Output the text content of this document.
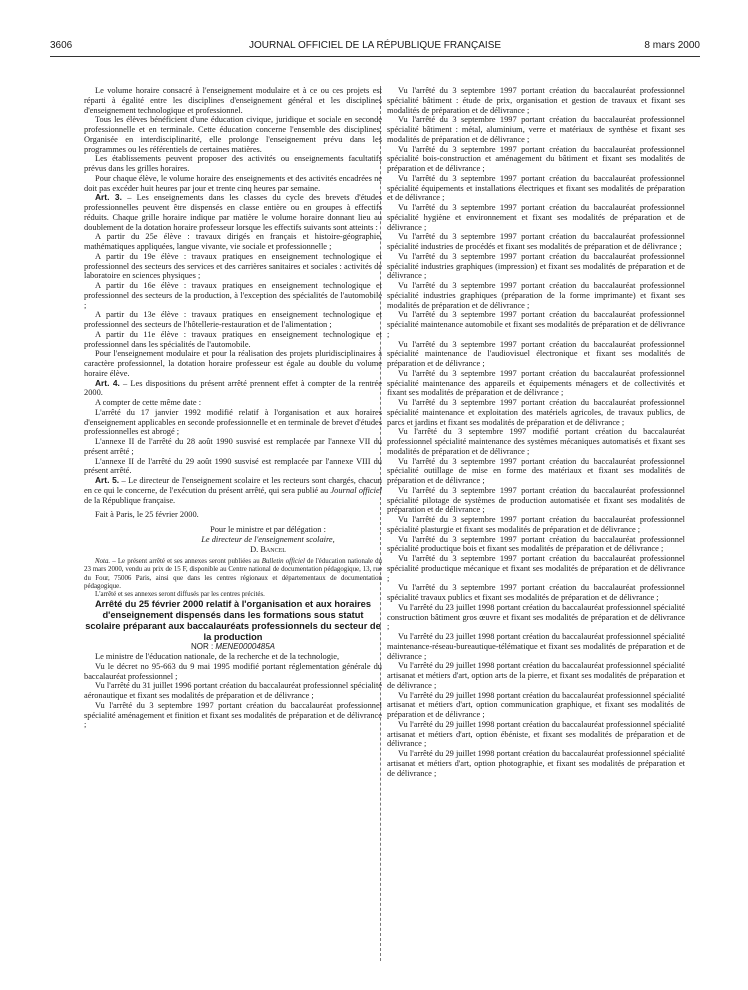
3606	JOURNAL OFFICIEL DE LA RÉPUBLIQUE FRANÇAISE	8 mars 2000

Le volume horaire consacré à l'enseignement modulaire et à ce ou ces projets est réparti à égalité entre les disciplines d'enseignement général et les disciplines d'enseignement technologique et professionnel.

Tous les élèves bénéficient d'une éducation civique, juridique et sociale en seconde professionnelle et en terminale. Cette éducation concerne l'ensemble des disciplines. Organisée en interdisciplinarité, elle prolonge l'enseignement prévu dans les programmes ou les référentiels de certaines matières.

Les établissements peuvent proposer des activités ou enseignements facultatifs prévus dans les grilles horaires.

Pour chaque élève, le volume horaire des enseignements et des activités encadrées ne doit pas excéder huit heures par jour et trente cinq heures par semaine.

Art. 3. – Les enseignements dans les classes du cycle des brevets d'études professionnelles peuvent être dispensés en classe entière ou en groupes à effectifs réduits. Chaque grille horaire indique par matière le volume horaire donnant lieu au doublement de la dotation horaire professeur lorsque les effectifs suivants sont atteints :

A partir du 25e élève : travaux dirigés en français et histoire-géographie, mathématiques appliquées, langue vivante, vie sociale et professionnelle ;

A partir du 19e élève : travaux pratiques en enseignement technologique et professionnel des secteurs des services et des carrières sanitaires et sociales : activités de laboratoire en sciences physiques ;

A partir du 16e élève : travaux pratiques en enseignement technologique et professionnel des secteurs de la production, à l'exception des spécialités de l'automobile ;

A partir du 13e élève : travaux pratiques en enseignement technologique et professionnel des secteurs de l'hôtellerie-restauration et de l'alimentation ;

A partir du 11e élève : travaux pratiques en enseignement technologique et professionnel dans les spécialités de l'automobile.

Pour l'enseignement modulaire et pour la réalisation des projets pluridisciplinaires à caractère professionnel, la dotation horaire professeur est égale au double du volume horaire élève.

Art. 4. – Les dispositions du présent arrêté prennent effet à compter de la rentrée 2000.

A compter de cette même date :

L'arrêté du 17 janvier 1992 modifié relatif à l'organisation et aux horaires d'enseignement applicables en seconde professionnelle et en terminale de brevet d'études professionnelles est abrogé ;

L'annexe II de l'arrêté du 28 août 1990 susvisé est remplacée par l'annexe VII du présent arrêté ;

L'annexe II de l'arrêté du 29 août 1990 susvisé est remplacée par l'annexe VIII du présent arrêté.

Art. 5. – Le directeur de l'enseignement scolaire et les recteurs sont chargés, chacun en ce qui le concerne, de l'exécution du présent arrêté, qui sera publié au Journal officiel de la République française.

Fait à Paris, le 25 février 2000.

Pour le ministre et par délégation :

Le directeur de l'enseignement scolaire,

D. Bancel

Nota. – Le présent arrêté et ses annexes seront publiées au Bulletin officiel de l'éducation nationale du 23 mars 2000, vendu au prix de 15 F, disponible au Centre national de documentation pédagogique, 13, rue du Four, 75006 Paris, ainsi que dans les centres régionaux et départementaux de documentation pédagogique.

L'arrêté et ses annexes seront diffusés par les centres précités.

Arrêté du 25 février 2000 relatif à l'organisation et aux horaires d'enseignement dispensés dans les formations sous statut scolaire préparant aux baccalauréats professionnels du secteur de la production

NOR : MENE0000485A

Le ministre de l'éducation nationale, de la recherche et de la technologie,

Vu le décret no 95-663 du 9 mai 1995 modifié portant réglementation générale du baccalauréat professionnel ;

Vu l'arrêté du 31 juillet 1996 portant création du baccalauréat professionnel spécialité aéronautique et fixant ses modalités de préparation et de délivrance ;

Vu l'arrêté du 3 septembre 1997 portant création du baccalauréat professionnel spécialité aménagement et finition et fixant ses modalités de préparation et de délivrance ;

Vu l'arrêté du 3 septembre 1997 portant création du baccalauréat professionnel spécialité bâtiment : étude de prix, organisation et gestion de travaux et fixant ses modalités de préparation et de délivrance ;

Vu l'arrêté du 3 septembre 1997 portant création du baccalauréat professionnel spécialité bâtiment : métal, aluminium, verre et matériaux de synthèse et fixant ses modalités de préparation et de délivrance ;

Vu l'arrêté du 3 septembre 1997 portant création du baccalauréat professionnel spécialité bois-construction et aménagement du bâtiment et fixant ses modalités de préparation et de délivrance ;

Vu l'arrêté du 3 septembre 1997 portant création du baccalauréat professionnel spécialité équipements et installations électriques et fixant ses modalités de préparation et de délivrance ;

Vu l'arrêté du 3 septembre 1997 portant création du baccalauréat professionnel spécialité hygiène et environnement et fixant ses modalités de préparation et de délivrance ;

Vu l'arrêté du 3 septembre 1997 portant création du baccalauréat professionnel spécialité industries de procédés et fixant ses modalités de préparation et de délivrance ;

Vu l'arrêté du 3 septembre 1997 portant création du baccalauréat professionnel spécialité industries graphiques (impression) et fixant ses modalités de préparation et de délivrance ;

Vu l'arrêté du 3 septembre 1997 portant création du baccalauréat professionnel spécialité industries graphiques (préparation de la forme imprimante) et fixant ses modalités de préparation et de délivrance ;

Vu l'arrêté du 3 septembre 1997 portant création du baccalauréat professionnel spécialité maintenance automobile et fixant ses modalités de préparation et de délivrance ;

Vu l'arrêté du 3 septembre 1997 portant création du baccalauréat professionnel spécialité maintenance de l'audiovisuel électronique et fixant ses modalités de préparation et de délivrance ;

Vu l'arrêté du 3 septembre 1997 portant création du baccalauréat professionnel spécialité maintenance des appareils et équipements ménagers et de collectivités et fixant ses modalités de préparation et de délivrance ;

Vu l'arrêté du 3 septembre 1997 portant création du baccalauréat professionnel spécialité maintenance et exploitation des matériels agricoles, de travaux publics, de parcs et jardins et fixant ses modalités de préparation et de délivrance ;

Vu l'arrêté du 3 septembre 1997 modifié portant création du baccalauréat professionnel spécialité maintenance des systèmes mécaniques automatisés et fixant ses modalités de préparation et de délivrance ;

Vu l'arrêté du 3 septembre 1997 portant création du baccalauréat professionnel spécialité outillage de mise en forme des matériaux et fixant ses modalités de préparation et de délivrance ;

Vu l'arrêté du 3 septembre 1997 portant création du baccalauréat professionnel spécialité pilotage de systèmes de production automatisée et fixant ses modalités de préparation et de délivrance ;

Vu l'arrêté du 3 septembre 1997 portant création du baccalauréat professionnel spécialité plasturgie et fixant ses modalités de préparation et de délivrance ;

Vu l'arrêté du 3 septembre 1997 portant création du baccalauréat professionnel spécialité productique bois et fixant ses modalités de préparation et de délivrance ;

Vu l'arrêté du 3 septembre 1997 portant création du baccalauréat professionnel spécialité productique mécanique et fixant ses modalités de préparation et de délivrance ;

Vu l'arrêté du 3 septembre 1997 portant création du baccalauréat professionnel spécialité travaux publics et fixant ses modalités de préparation et de délivrance ;

Vu l'arrêté du 23 juillet 1998 portant création du baccalauréat professionnel spécialité construction bâtiment gros œuvre et fixant ses modalités de préparation et de délivrance ;

Vu l'arrêté du 23 juillet 1998 portant création du baccalauréat professionnel spécialité maintenance-réseau-bureautique-télématique et fixant ses modalités de préparation et de délivrance ;

Vu l'arrêté du 29 juillet 1998 portant création du baccalauréat professionnel spécialité artisanat et métiers d'art, option arts de la pierre, et fixant ses modalités de préparation et de délivrance ;

Vu l'arrêté du 29 juillet 1998 portant création du baccalauréat professionnel spécialité artisanat et métiers d'art, option communication graphique, et fixant ses modalités de préparation et de délivrance ;

Vu l'arrêté du 29 juillet 1998 portant création du baccalauréat professionnel spécialité artisanat et métiers d'art, option ébéniste, et fixant ses modalités de préparation et de délivrance ;

Vu l'arrêté du 29 juillet 1998 portant création du baccalauréat professionnel spécialité artisanat et métiers d'art, option photographie, et fixant ses modalités de préparation et de délivrance ;
